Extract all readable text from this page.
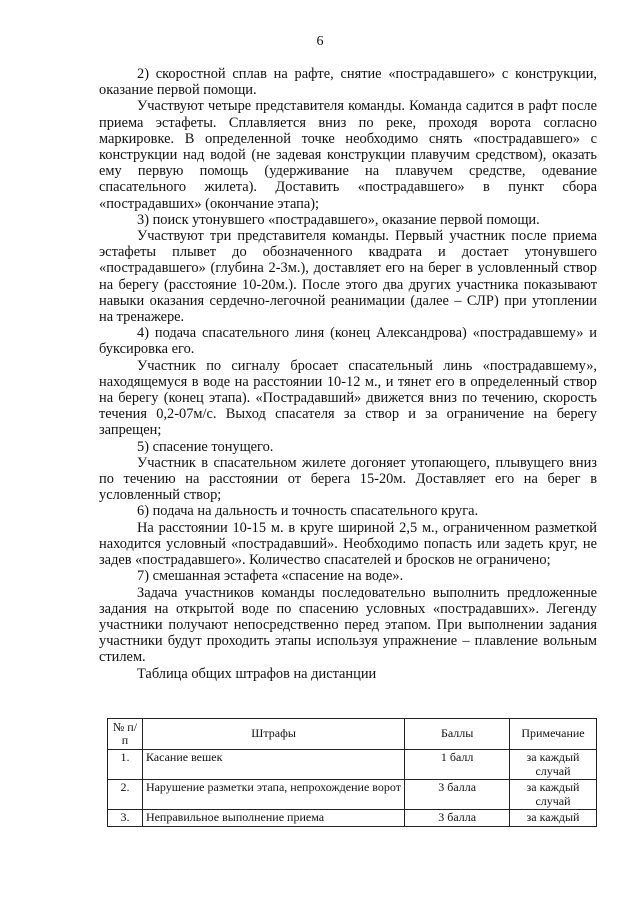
6

2) скоростной сплав на рафте, снятие «пострадавшего» с конструкции, оказание первой помощи.

Участвуют четыре представителя команды. Команда садится в рафт после приема эстафеты. Сплавляется вниз по реке, проходя ворота согласно маркировке. В определенной точке необходимо снять «пострадавшего» с конструкции над водой (не задевая конструкции плавучим средством), оказать ему первую помощь (удерживание на плавучем средстве, одевание спасательного жилета). Доставить «пострадавшего» в пункт сбора «пострадавших» (окончание этапа);

3) поиск утонувшего «пострадавшего», оказание первой помощи.

Участвуют три представителя команды. Первый участник после приема эстафеты плывет до обозначенного квадрата и достает утонувшего «пострадавшего» (глубина 2-3м.), доставляет его на берег в условленный створ на берегу (расстояние 10-20м.). После этого два других участника показывают навыки оказания сердечно-легочной реанимации (далее – СЛР) при утоплении на тренажере.

4) подача спасательного линя (конец Александрова) «пострадавшему» и буксировка его.

Участник по сигналу бросает спасательный линь «пострадавшему», находящемуся в воде на расстоянии 10-12 м., и тянет его в определенный створ на берегу (конец этапа). «Пострадавший» движется вниз по течению, скорость течения 0,2-07м/с. Выход спасателя за створ и за ограничение на берегу запрещен;

5) спасение тонущего.

Участник в спасательном жилете догоняет утопающего, плывущего вниз по течению на расстоянии от берега 15-20м. Доставляет его на берег в условленный створ;

6) подача на дальность и точность спасательного круга.

На расстоянии 10-15 м. в круге шириной 2,5 м., ограниченном разметкой находится условный «пострадавший». Необходимо попасть или задеть круг, не задев «пострадавшего». Количество спасателей и бросков не ограничено;

7) смешанная эстафета «спасение на воде».

Задача участников команды последовательно выполнить предложенные задания на открытой воде по спасению условных «пострадавших». Легенду участники получают непосредственно перед этапом. При выполнении задания участники будут проходить этапы используя упражнение – плавление вольным стилем.

Таблица общих штрафов на дистанции

№ п/п	Штрафы	Баллы	Примечание
1.	Касание вешек	1 балл	за каждый случай
2.	Нарушение разметки этапа, непрохождение ворот	3 балла	за каждый случай
3.	Неправильное выполнение приема	3 балла	за каждый
